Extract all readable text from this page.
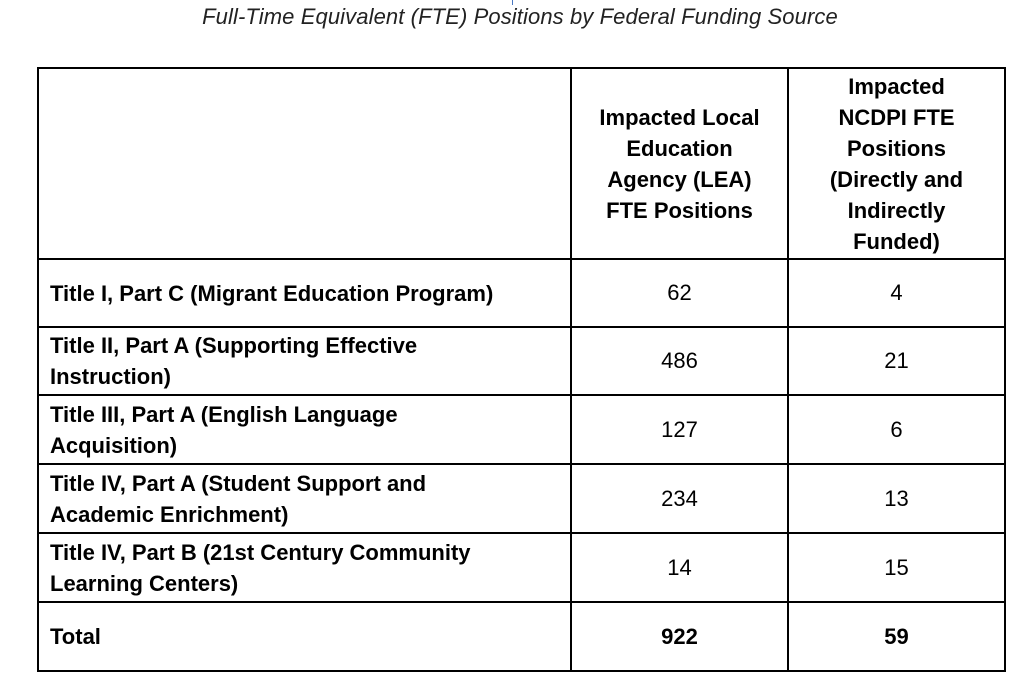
Full-Time Equivalent (FTE) Positions by Federal Funding Source

	Impacted Local Education Agency (LEA) FTE Positions	Impacted NCDPI FTE Positions (Directly and Indirectly Funded)

Title I, Part C (Migrant Education Program)	62	4

Title II, Part A (Supporting Effective Instruction)	486	21

Title III, Part A (English Language Acquisition)	127	6

Title IV, Part A (Student Support and Academic Enrichment)	234	13

Title IV, Part B (21st Century Community Learning Centers)	14	15
Total	922	59
